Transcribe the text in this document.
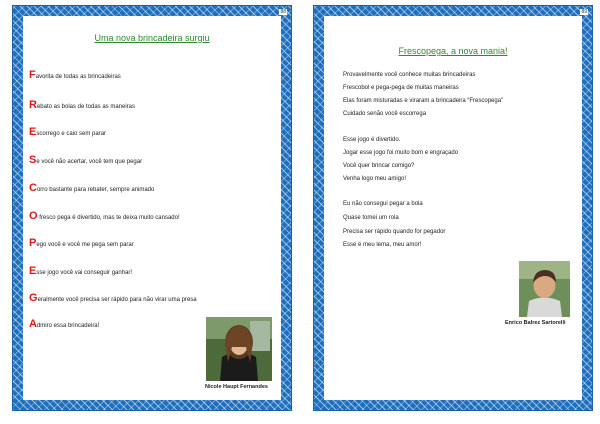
88
Uma nova brincadeira surgiu
Favorita de todas as brincadeiras
Rebato as bolas de todas as maneiras
Escorrego e caio sem parar
Se você não acertar, você tem que pegar
Corro bastante para rebater, sempre animado
O fresco pega é divertido, mas te deixa muito cansado!
Pego você e você me pega sem parar
Esse jogo você vai conseguir ganhar!
Geralmente você precisa ser rápido para não virar uma presa
Admiro essa brincadeira!
Nicole Haupt Fernandes
89
Frescopega, a nova mania!
Provavelmente você conhece muitas brincadeiras
Frescobol e pega-pega de muitas maneiras
Elas foram misturadas e viraram a brincadeira “Frescopega”
Cuidado senão você escorrega
Esse jogo é divertido.
Jogar esse jogo foi muito bom e engraçado
Você quer brincar comigo?
Venha logo meu amigo!
Eu não consegui pegar a bola
Quase tomei um rola
Precisa ser rápido quando for pegador
Esse é meu lema, meu amor!
Enrico Balrez Sartorelli
